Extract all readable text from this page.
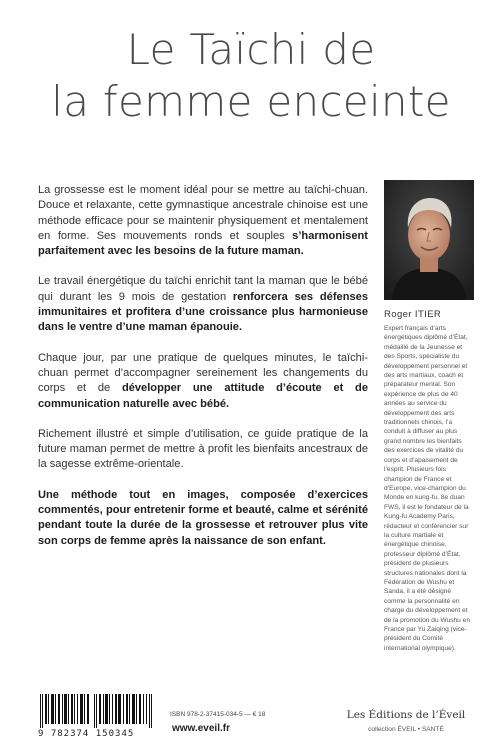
Le Taïchi de
la femme enceinte

La grossesse est le moment idéal pour se mettre au taïchi-chuan. Douce et relaxante, cette gymnastique ancestrale chinoise est une méthode efficace pour se maintenir physiquement et mentalement en forme. Ses mouvements ronds et souples s’harmonisent parfaitement avec les besoins de la future maman.

Le travail énergétique du taïchi enrichit tant la maman que le bébé qui durant les 9 mois de gestation renforcera ses défenses immunitaires et profitera d’une croissance plus harmonieuse dans le ventre d’une maman épanouie.

Chaque jour, par une pratique de quelques minutes, le taïchi-chuan permet d’accompagner sereinement les changements du corps et de développer une attitude d’écoute et de communication naturelle avec bébé.

Richement illustré et simple d’utilisation, ce guide pratique de la future maman permet de mettre à profit les bienfaits ancestraux de la sagesse extrême-orientale.

Une méthode tout en images, composée d’exercices commentés, pour entretenir forme et beauté, calme et sérénité pendant toute la durée de la grossesse et retrouver plus vite son corps de femme après la naissance de son enfant.

Roger ITIER
Expert français d’arts énergétiques diplômé d’État, médaillé de la Jeunesse et des Sports, spécialiste du développement personnel et des arts martiaux, coach et préparateur mental. Son expérience de plus de 40 années au service du développement des arts traditionnels chinois, l’a conduit à diffuser au plus grand nombre les bienfaits des exercices de vitalité du corps et d’apaisement de l’esprit. Plusieurs fois champion de France et d’Europe, vice-champion du Monde en kung-fu, 8e duan FWS, il est le fondateur de la Kung-fu Academy Paris, rédacteur et conférencier sur la culture martiale et énergétique chinoise, professeur diplômé d’État, président de plusieurs structures nationales dont la Fédération de Wushu et Sanda, il a été désigné comme la personnalité en charge du développement et de la promotion du Wushu en France par Yu Zaiqing (vice-président du Comité international olympique).
9 782374 150345
ISBN 978-2-37415-034-5 — € 18
www.eveil.fr
Les Éditions de l’Éveil
collection ÉVEIL • SANTÉ
